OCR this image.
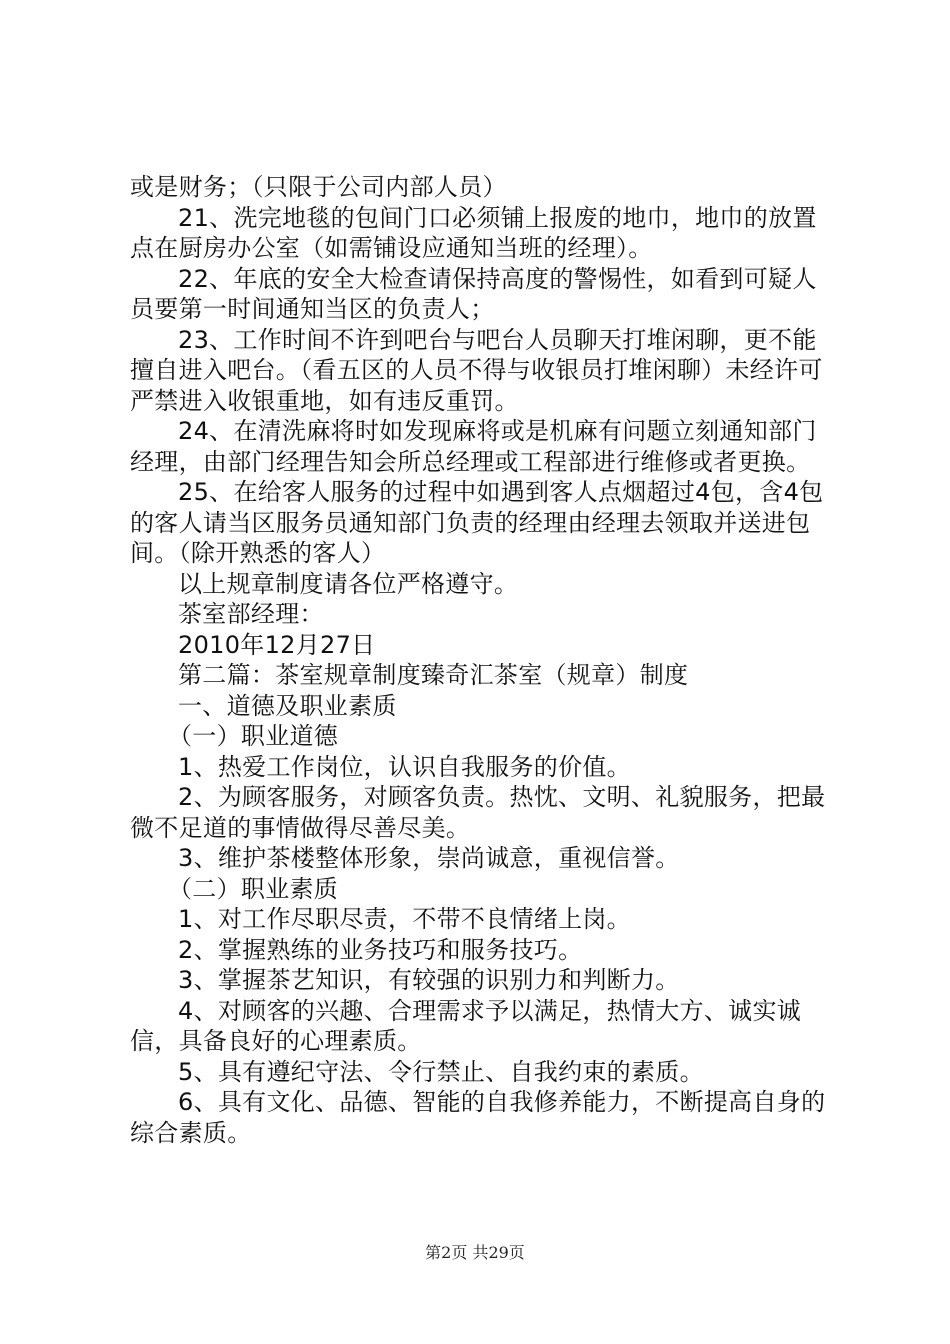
或是财务；（只限于公司内部人员）

21、洗完地毯的包间门口必须铺上报废的地巾，地巾的放置点在厨房办公室（如需铺设应通知当班的经理）。

22、年底的安全大检查请保持高度的警惕性，如看到可疑人员要第一时间通知当区的负责人；

23、工作时间不许到吧台与吧台人员聊天打堆闲聊，更不能擅自进入吧台。（看五区的人员不得与收银员打堆闲聊）未经许可严禁进入收银重地，如有违反重罚。

24、在清洗麻将时如发现麻将或是机麻有问题立刻通知部门经理，由部门经理告知会所总经理或工程部进行维修或者更换。

25、在给客人服务的过程中如遇到客人点烟超过4包，含4包的客人请当区服务员通知部门负责的经理由经理去领取并送进包间。（除开熟悉的客人）

以上规章制度请各位严格遵守。

茶室部经理：

2010年12月27日

第二篇：茶室规章制度臻奇汇茶室（规章）制度

一、道德及职业素质

（一）职业道德

1、热爱工作岗位，认识自我服务的价值。

2、为顾客服务，对顾客负责。热忱、文明、礼貌服务，把最微不足道的事情做得尽善尽美。

3、维护茶楼整体形象，崇尚诚意，重视信誉。

（二）职业素质

1、对工作尽职尽责，不带不良情绪上岗。

2、掌握熟练的业务技巧和服务技巧。

3、掌握茶艺知识，有较强的识别力和判断力。

4、对顾客的兴趣、合理需求予以满足，热情大方、诚实诚信，具备良好的心理素质。

5、具有遵纪守法、令行禁止、自我约束的素质。

6、具有文化、品德、智能的自我修养能力，不断提高自身的综合素质。

第2页 共29页
